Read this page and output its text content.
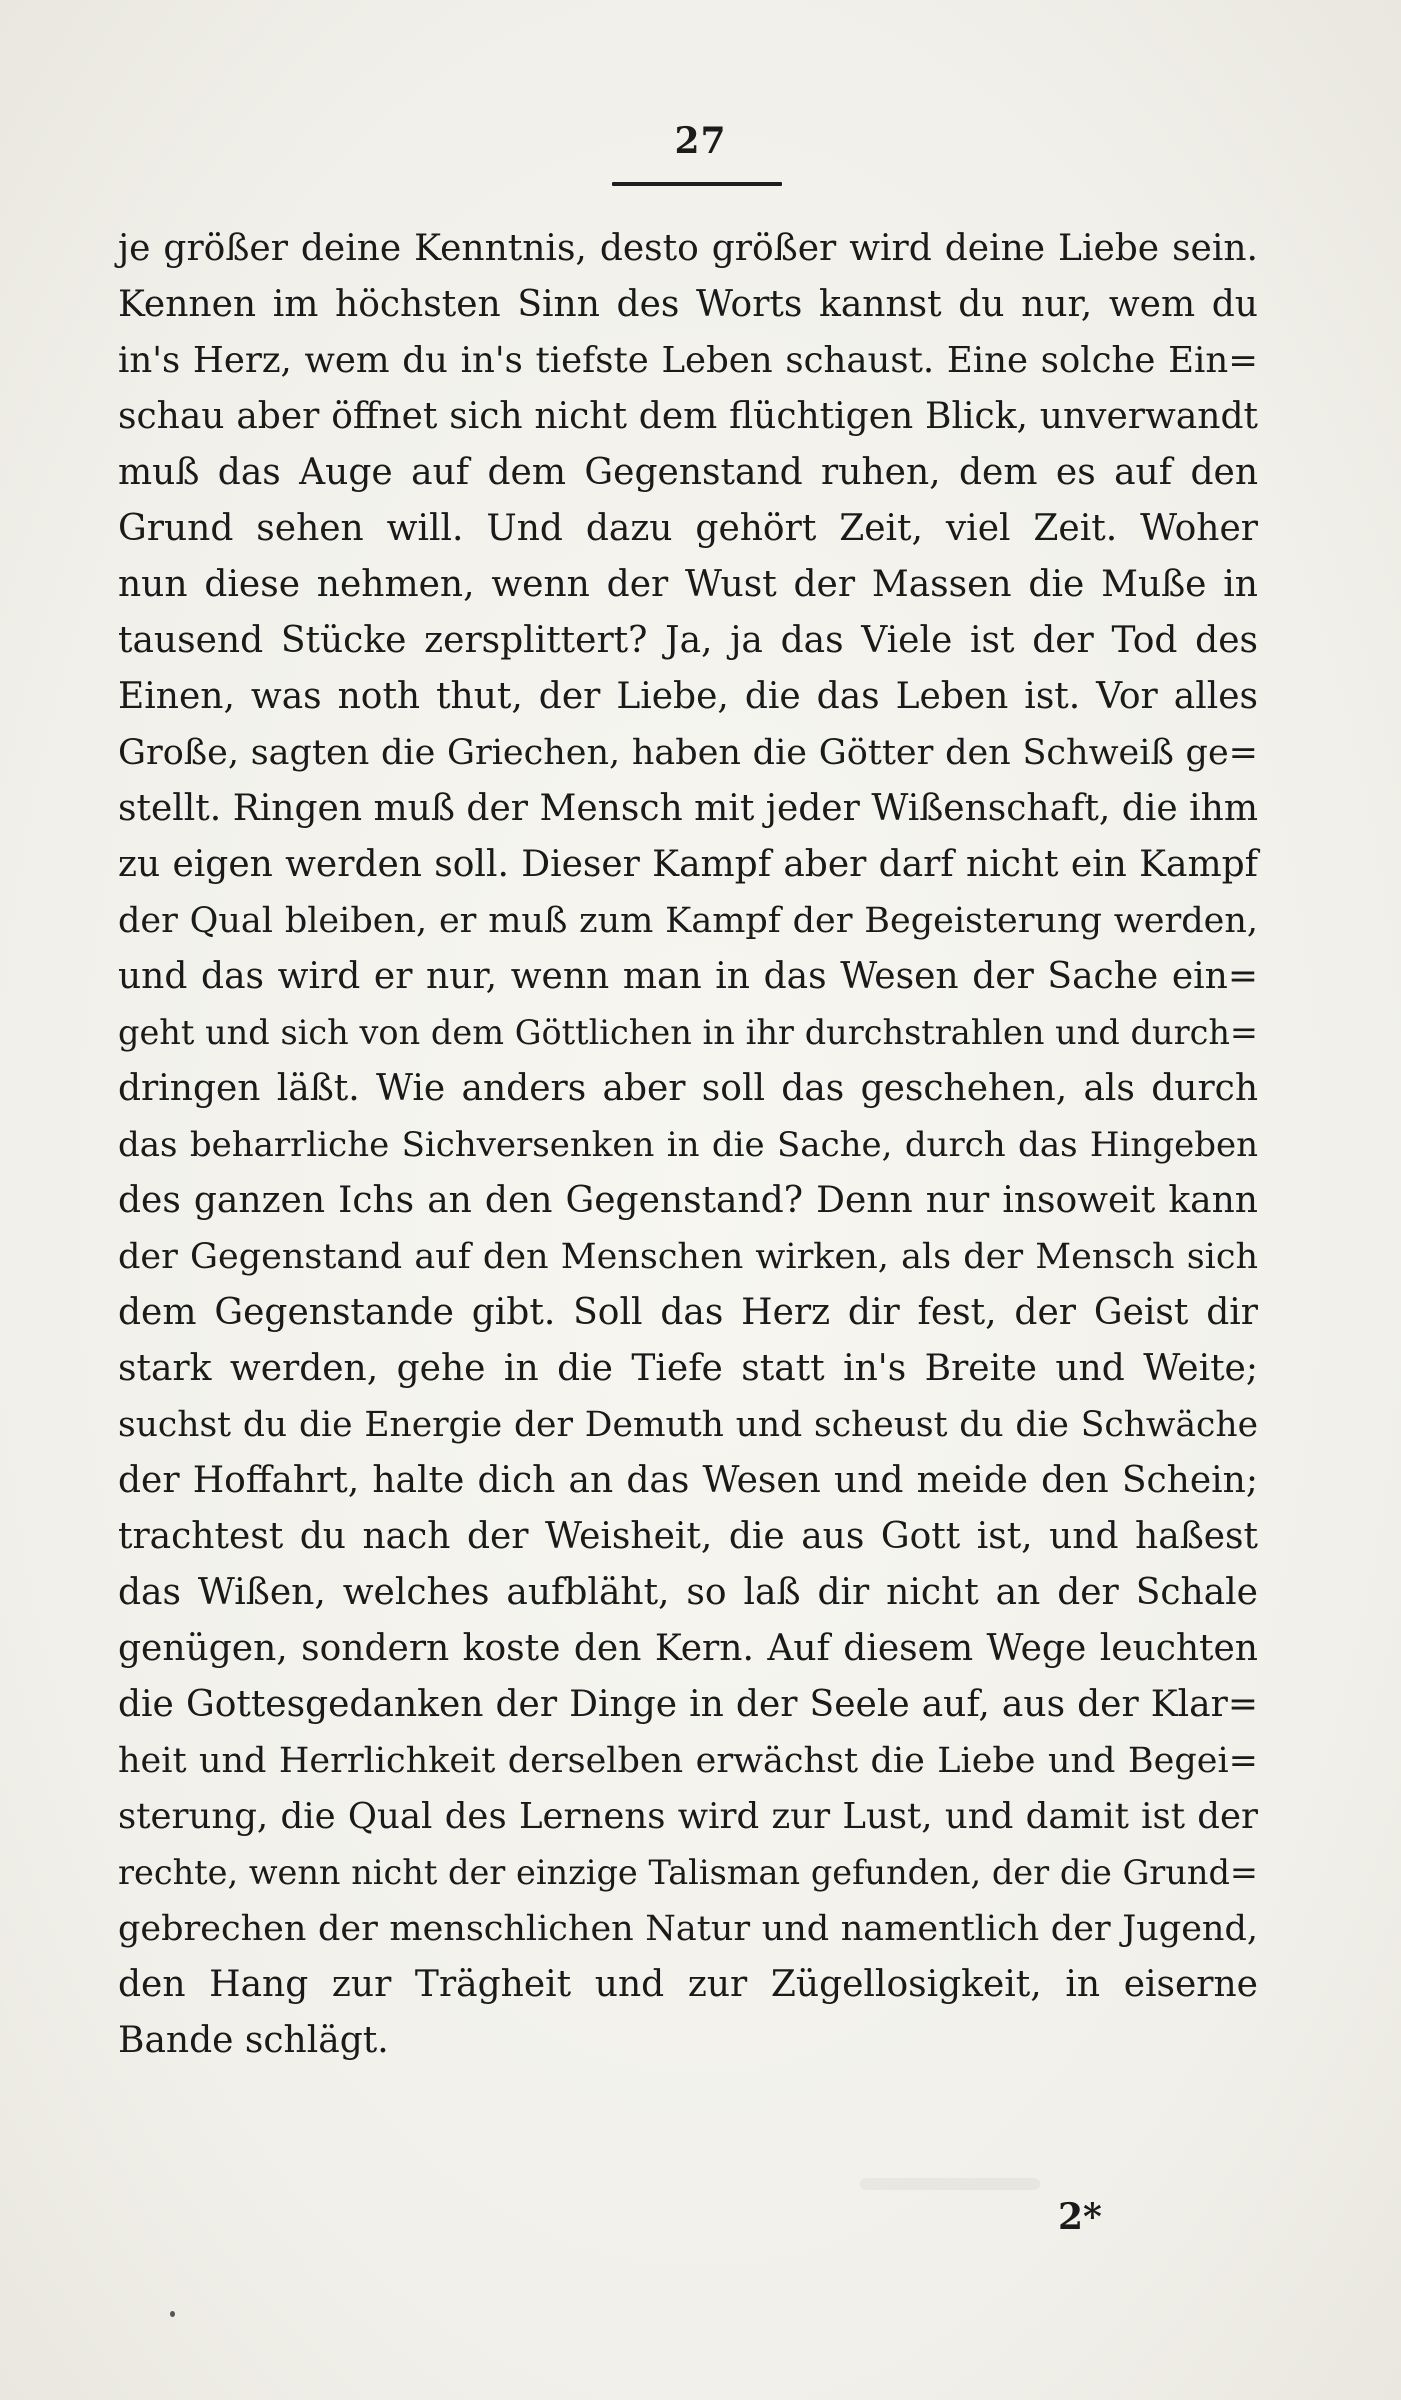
27
je größer deine Kenntnis, desto größer wird deine Liebe sein.
Kennen im höchsten Sinn des Worts kannst du nur, wem du
in's Herz, wem du in's tiefste Leben schaust. Eine solche Ein=
schau aber öffnet sich nicht dem flüchtigen Blick, unverwandt
muß das Auge auf dem Gegenstand ruhen, dem es auf den
Grund sehen will. Und dazu gehört Zeit, viel Zeit. Woher
nun diese nehmen, wenn der Wust der Massen die Muße in
tausend Stücke zersplittert? Ja, ja das Viele ist der Tod des
Einen, was noth thut, der Liebe, die das Leben ist. Vor alles
Große, sagten die Griechen, haben die Götter den Schweiß ge=
stellt. Ringen muß der Mensch mit jeder Wißenschaft, die ihm
zu eigen werden soll. Dieser Kampf aber darf nicht ein Kampf
der Qual bleiben, er muß zum Kampf der Begeisterung werden,
und das wird er nur, wenn man in das Wesen der Sache ein=
geht und sich von dem Göttlichen in ihr durchstrahlen und durch=
dringen läßt. Wie anders aber soll das geschehen, als durch
das beharrliche Sichversenken in die Sache, durch das Hingeben
des ganzen Ichs an den Gegenstand? Denn nur insoweit kann
der Gegenstand auf den Menschen wirken, als der Mensch sich
dem Gegenstande gibt. Soll das Herz dir fest, der Geist dir
stark werden, gehe in die Tiefe statt in's Breite und Weite;
suchst du die Energie der Demuth und scheust du die Schwäche
der Hoffahrt, halte dich an das Wesen und meide den Schein;
trachtest du nach der Weisheit, die aus Gott ist, und haßest
das Wißen, welches aufbläht, so laß dir nicht an der Schale
genügen, sondern koste den Kern. Auf diesem Wege leuchten
die Gottesgedanken der Dinge in der Seele auf, aus der Klar=
heit und Herrlichkeit derselben erwächst die Liebe und Begei=
sterung, die Qual des Lernens wird zur Lust, und damit ist der
rechte, wenn nicht der einzige Talisman gefunden, der die Grund=
gebrechen der menschlichen Natur und namentlich der Jugend,
den Hang zur Trägheit und zur Zügellosigkeit, in eiserne
Bande schlägt.
2*
